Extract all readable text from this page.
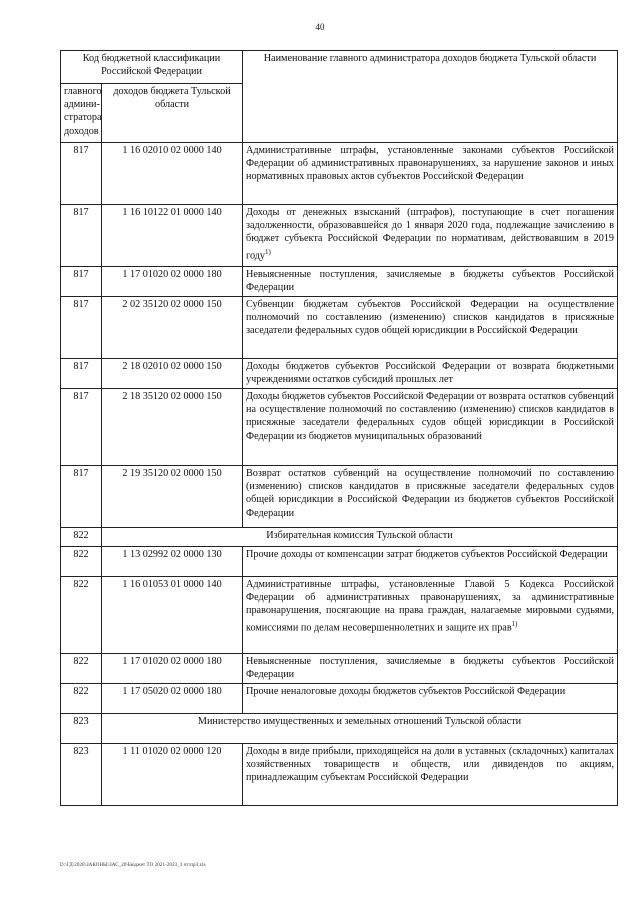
40
Код бюджетной классификации Российской Федерации		Наименование главного администратора доходов бюджета Тульской области
главного админи-стратора доходов	доходов бюджета Тульской области	
817	1 16 02010 02 0000 140	Административные штрафы, установленные законами субъектов Российской Федерации об административных правонарушениях, за нарушение законов и иных нормативных правовых актов субъектов Российской Федерации
817	1 16 10122 01 0000 140	Доходы от денежных взысканий (штрафов), поступающие в счет погашения задолженности, образовавшейся до 1 января 2020 года, подлежащие зачислению в бюджет субъекта Российской Федерации по нормативам, действовавшим в 2019 году$^{1)}$
817	1 17 01020 02 0000 180	Невыясненные поступления, зачисляемые в бюджеты субъектов Российской Федерации
817	2 02 35120 02 0000 150	Субвенции бюджетам субъектов Российской Федерации на осуществление полномочий по составлению (изменению) списков кандидатов в присяжные заседатели федеральных судов общей юрисдикции в Российской Федерации
817	2 18 02010 02 0000 150	Доходы бюджетов субъектов Российской Федерации от возврата бюджетными учреждениями остатков субсидий прошлых лет
817	2 18 35120 02 0000 150	Доходы бюджетов субъектов Российской Федерации от возврата остатков субвенций на осуществление полномочий по составлению (изменению) списков кандидатов в присяжные заседатели федеральных судов общей юрисдикции в Российской Федерации из бюджетов муниципальных образований
817	2 19 35120 02 0000 150	Возврат остатков субвенций на осуществление полномочий по составлению (изменению) списков кандидатов в присяжные заседатели федеральных судов общей юрисдикции в Российской Федерации из бюджетов субъектов Российской Федерации
822	Избирательная комиссия Тульской области	
822	1 13 02992 02 0000 130	Прочие доходы от компенсации затрат бюджетов субъектов Российской Федерации
822	1 16 01053 01 0000 140	Административные штрафы, установленные Главой 5 Кодекса Российской Федерации об административных правонарушениях, за административные правонарушения, посягающие на права граждан, налагаемые мировыми судьями, комиссиями по делам несовершеннолетних и защите их прав$^{1)}$
822	1 17 01020 02 0000 180	Невыясненные поступления, зачисляемые в бюджеты субъектов Российской Федерации
822	1 17 05020 02 0000 180	Прочие неналоговые доходы бюджетов субъектов Российской Федерации
823	Министерство имущественных и земельных отношений Тульской области	
823	1 11 01020 02 0000 120	Доходы в виде прибыли, приходящейся на доли в уставных (складочных) капиталах хозяйственных товариществ и обществ, или дивидендов по акциям, принадлежащим субъектам Российской Федерации
D:\ГД\2020\ЗАКОНЫ\ЗАС_20\Бюджет ТО 2021-2023_3 чт\прЗ.xls
